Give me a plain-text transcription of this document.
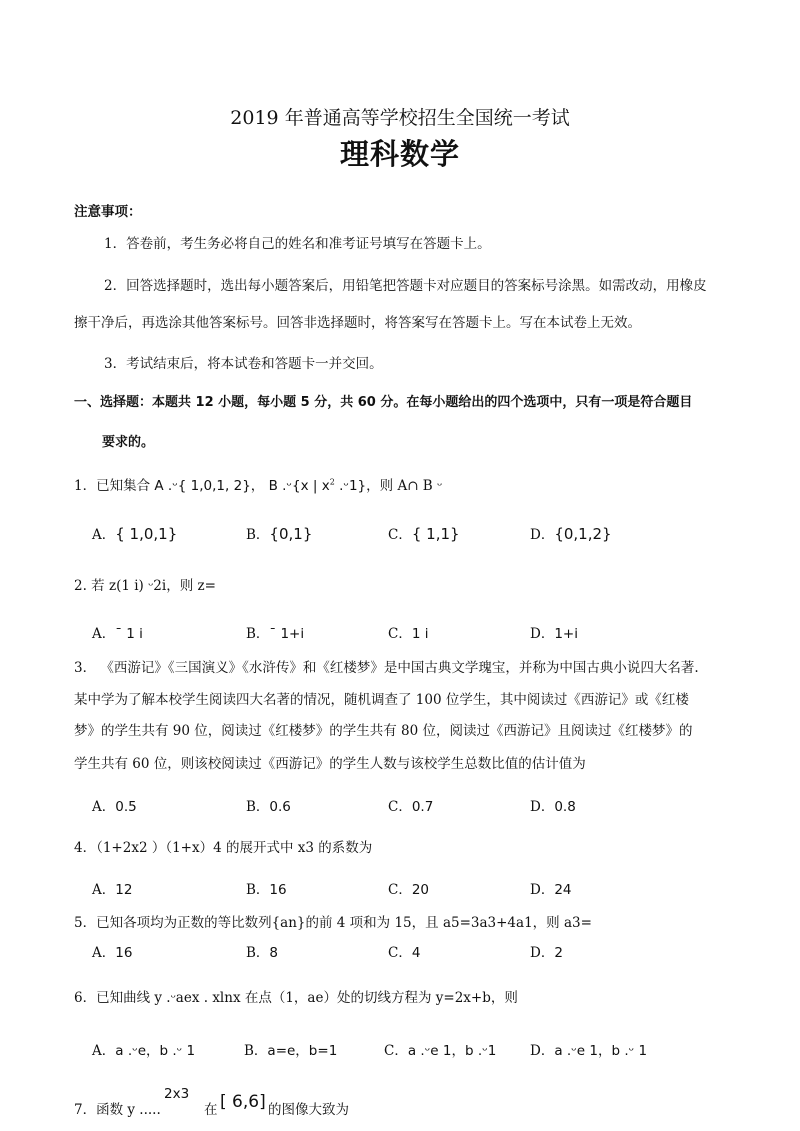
2019 年普通高等学校招生全国统一考试
理科数学
注意事项：
1．答卷前，考生务必将自己的姓名和准考证号填写在答题卡上。
2．回答选择题时，选出每小题答案后，用铅笔把答题卡对应题目的答案标号涂黑。如需改动，用橡皮
擦干净后，再选涂其他答案标号。回答非选择题时，将答案写在答题卡上。写在本试卷上无效。
3．考试结束后，将本试卷和答题卡一并交回。
一、选择题：本题共 12 小题，每小题 5 分，共 60 分。在每小题给出的四个选项中，只有一项是符合题目
要求的。
1．已知集合 A .ᵕ{ 1,0,1, 2}， B .ᵕ{x | $x^2$ .ᵕ1}，则 A∩ B ᵕ
A．{ 1,0,1}	B．{0,1}	C．{ 1,1}	D．{0,1,2}
2. 若 z(1 i) ᵕ2i，则 z=
A．ˉ 1 i	B．ˉ 1+i	C．1 i	D．1+i
3． 《西游记》《三国演义》《水浒传》和《红楼梦》是中国古典文学瑰宝，并称为中国古典小说四大名著.
某中学为了解本校学生阅读四大名著的情况，随机调查了 100 位学生，其中阅读过《西游记》或《红楼
梦》的学生共有 90 位，阅读过《红楼梦》的学生共有 80 位，阅读过《西游记》且阅读过《红楼梦》的
学生共有 60 位，则该校阅读过《西游记》的学生人数与该校学生总数比值的估计值为
A．0.5	B．0.6	C．0.7	D．0.8
4．（1+2x2 ）（1+x）4 的展开式中 x3 的系数为
A．12	B．16	C．20	D．24
5．已知各项均为正数的等比数列{an}的前 4 项和为 15，且 a5=3a3+4a1，则 a3=
A．16	B．8	C．4	D．2
6．已知曲线 y .ᵕaex . xlnx 在点（1，ae）处的切线方程为 y=2x+b，则
A．a .ᵕe，b .ᵕ 1	B．a=e，b=1	C．a .ᵕe 1，b .ᵕ1 D．a .ᵕe 1，b .ᵕ 1
7．函数 y .....
2x3
在 [ 6,6] 的图像大致为
